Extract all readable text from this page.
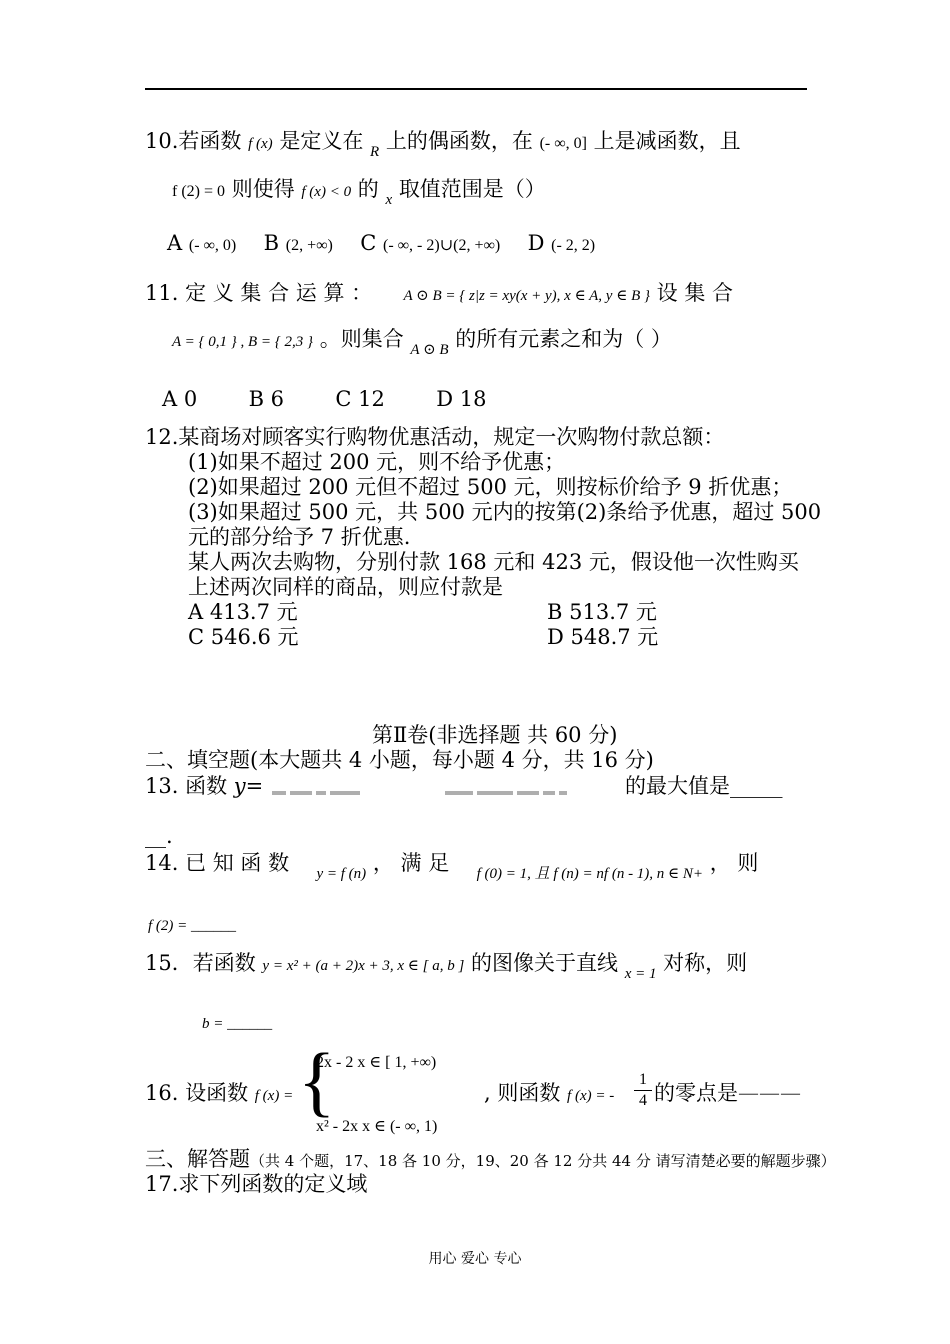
10.若函数 f (x) 是定义在 $_R$ 上的偶函数，在 (- ∞, 0] 上是减函数，且
f (2) = 0 则使得 f (x) < 0 的 $_x$ 取值范围是（）
A (- ∞, 0) B (2, +∞) C (- ∞, - 2)∪(2, +∞) D (- 2, 2)
11. 定 义 集 合 运 算 ： A ⊙ B = { z|z = xy(x + y), x ∈ A, y ∈ B } 设 集 合
A = { 0,1 } , B = { 2,3 } 。则集合 $_{A ⊙ B}$ 的所有元素之和为（ ）
A 0 B 6 C 12 D 18
12.某商场对顾客实行购物优惠活动，规定一次购物付款总额：
(1)如果不超过 200 元，则不给予优惠；
(2)如果超过 200 元但不超过 500 元，则按标价给予 9 折优惠；
(3)如果超过 500 元，共 500 元内的按第(2)条给予优惠，超过 500
元的部分给予 7 折优惠.
某人两次去购物，分别付款 168 元和 423 元，假设他一次性购买
上述两次同样的商品，则应付款是
A 413.7 元	B 513.7 元
C 546.6 元	D 548.7 元
第Ⅱ卷(非选择题 共 60 分)
二、填空题(本大题共 4 小题，每小题 4 分，共 16 分)
13. 函数 y=	的最大值是_____
__.
14. 已 知 函 数 $_{y = f (n)}$ ， 满 足 $_{f (0) = 1, 且 f (n) = nf (n - 1), n \in N+}$ ， 则
f (2) = ______
15．若函数 y = x² + (a + 2)x + 3, x ∈ [ a, b ] 的图像关于直线 $_{x = 1}$ 对称，则
b = ______
16. 设函数 f (x) = {
2x - 2 x ∈ [ 1, +∞)
x² - 2x x ∈ (- ∞, 1)
, 则函数 f (x) = - $\frac{1}{4}$ 的零点是———
三、解答题（共 4 个题，17、18 各 10 分，19、20 各 12 分共 44 分 请写清楚必要的解题步骤）
17.求下列函数的定义域
用心 爱心 专心
